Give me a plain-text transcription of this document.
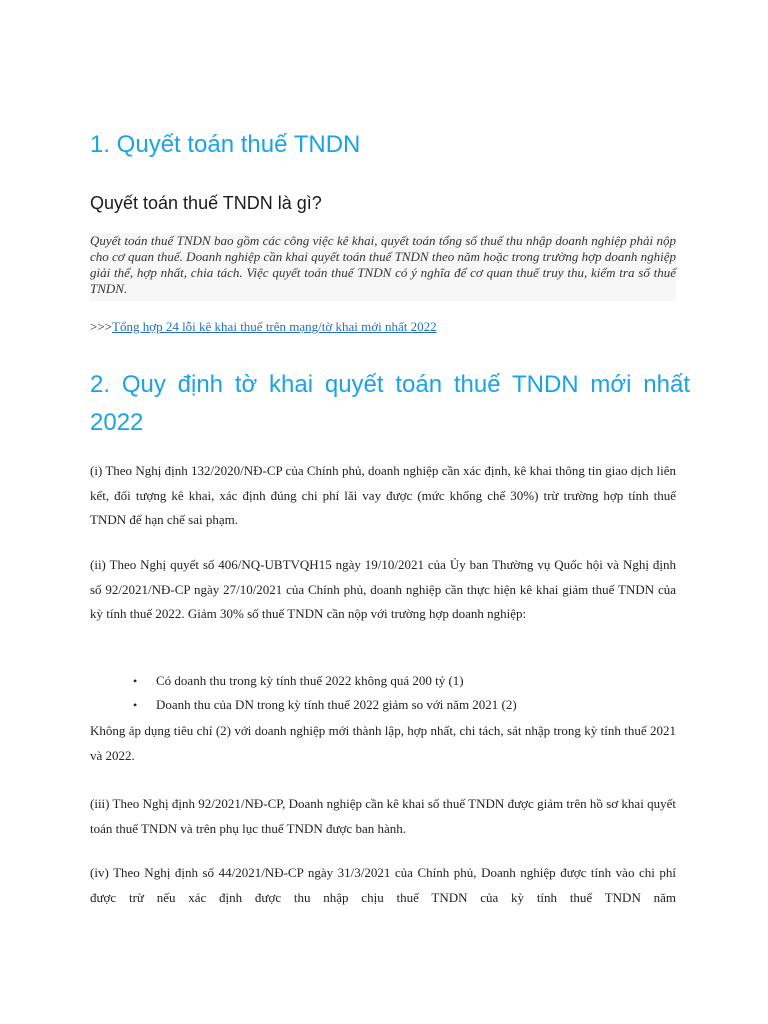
1. Quyết toán thuế TNDN
Quyết toán thuế TNDN là gì?
Quyết toán thuế TNDN bao gồm các công việc kê khai, quyết toán tổng số thuế thu nhập doanh nghiệp phải nộp cho cơ quan thuế. Doanh nghiệp cần khai quyết toán thuế TNDN theo năm hoặc trong trường hợp doanh nghiệp giải thể, hợp nhất, chia tách. Việc quyết toán thuế TNDN có ý nghĩa để cơ quan thuế truy thu, kiểm tra số thuế TNDN.
>>>Tổng hợp 24 lỗi kê khai thuế trên mạng/tờ khai mới nhất 2022
2. Quy định tờ khai quyết toán thuế TNDN mới nhất 2022

(i) Theo Nghị định 132/2020/NĐ-CP của Chính phủ, doanh nghiệp cần xác định, kê khai thông tin giao dịch liên kết, đối tượng kê khai, xác định đúng chi phí lãi vay được (mức khống chế 30%) trừ trường hợp tính thuế TNDN để hạn chế sai phạm.

(ii) Theo Nghị quyết số 406/NQ-UBTVQH15 ngày 19/10/2021 của Ủy ban Thường vụ Quốc hội và Nghị định số 92/2021/NĐ-CP ngày 27/10/2021 của Chính phủ, doanh nghiệp cần thực hiện kê khai giảm thuế TNDN của kỳ tính thuế 2022. Giảm 30% số thuế TNDN cần nộp với trường hợp doanh nghiệp:

• Có doanh thu trong kỳ tính thuế 2022 không quá 200 tỷ (1)
• Doanh thu của DN trong kỳ tính thuế 2022 giảm so với năm 2021 (2)

Không áp dụng tiêu chí (2) với doanh nghiệp mới thành lập, hợp nhất, chi tách, sát nhập trong kỳ tính thuế 2021 và 2022.

(iii) Theo Nghị định 92/2021/NĐ-CP, Doanh nghiệp cần kê khai số thuế TNDN được giảm trên hồ sơ khai quyết toán thuế TNDN và trên phụ lục thuế TNDN được ban hành.

(iv) Theo Nghị định số 44/2021/NĐ-CP ngày 31/3/2021 của Chính phủ, Doanh nghiệp được tính vào chi phí được trừ nếu xác định được thu nhập chịu thuế TNDN của kỳ tính thuế TNDN năm
